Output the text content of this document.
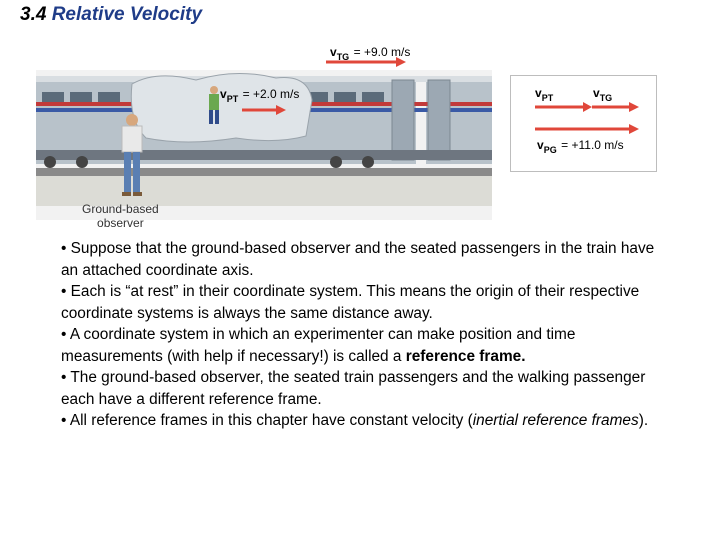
3.4 Relative Velocity
$v_{TG} = +9.0$ m/s
$v_{PT} = +2.0$ m/s
Ground-based
observer
$v_{PT}$	$v_{TG}$
$v_{PG} = +11.0$ m/s

• Suppose that the ground-based observer and the seated passengers in the train have an attached coordinate axis.

• Each is “at rest” in their coordinate system. This means the origin of their respective coordinate systems is always the same distance away.

• A coordinate system in which an experimenter can make position and time measurements (with help if necessary!) is called a reference frame.

• The ground-based observer, the seated train passengers and the walking passenger each have a different reference frame.

• All reference frames in this chapter have constant velocity (inertial reference frames).
